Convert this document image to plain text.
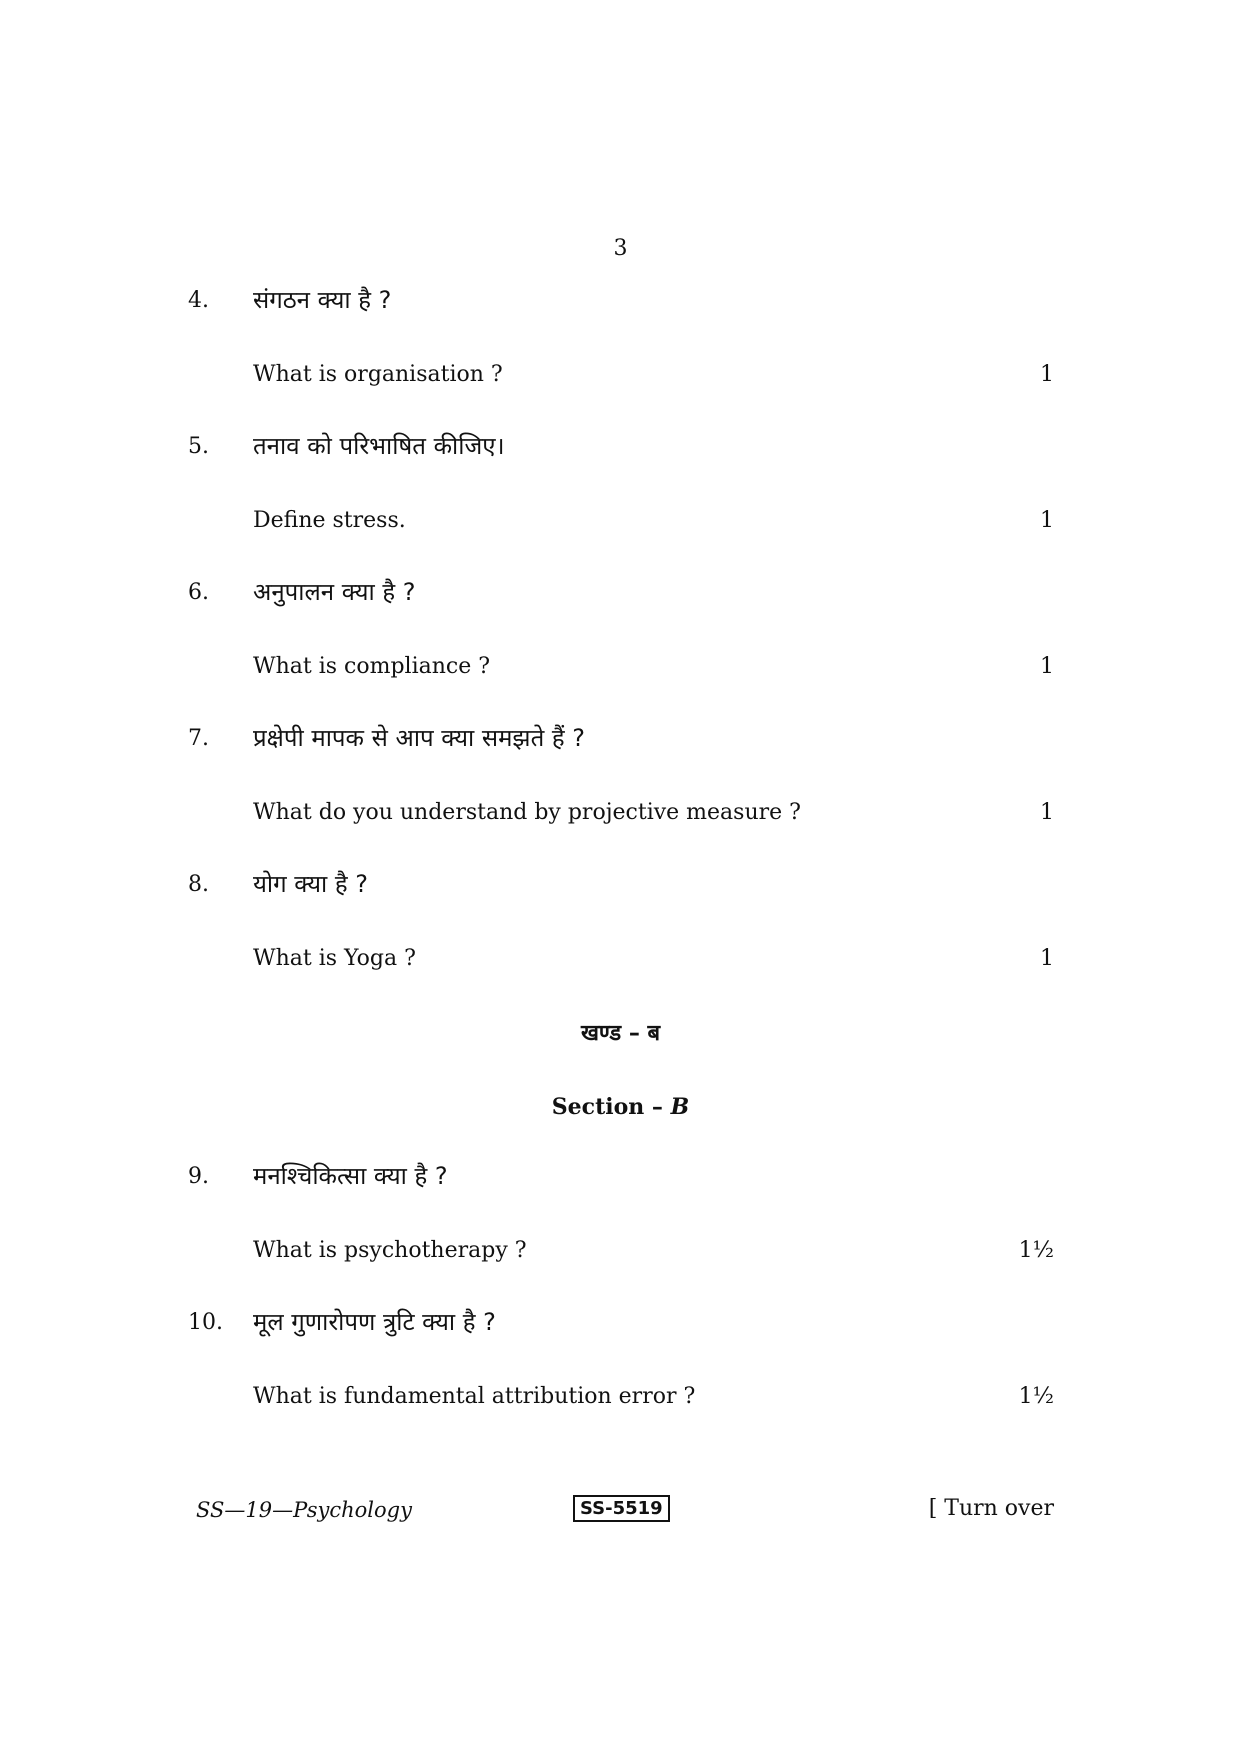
3
4. संगठन क्या है ?
What is organisation ?	1
5. तनाव को परिभाषित कीजिए।
Define stress.	1
6. अनुपालन क्या है ?
What is compliance ?	1
7. प्रक्षेपी मापक से आप क्या समझते हैं ?
What do you understand by projective measure ?	1
8. योग क्या है ?
What is Yoga ?	1
खण्ड – ब
Section – B
9. मनश्चिकित्सा क्या है ?
What is psychotherapy ?	1½
10. मूल गुणारोपण त्रुटि क्या है ?
What is fundamental attribution error ?	1½
SS—19—Psychology	SS-5519	[ Turn over
